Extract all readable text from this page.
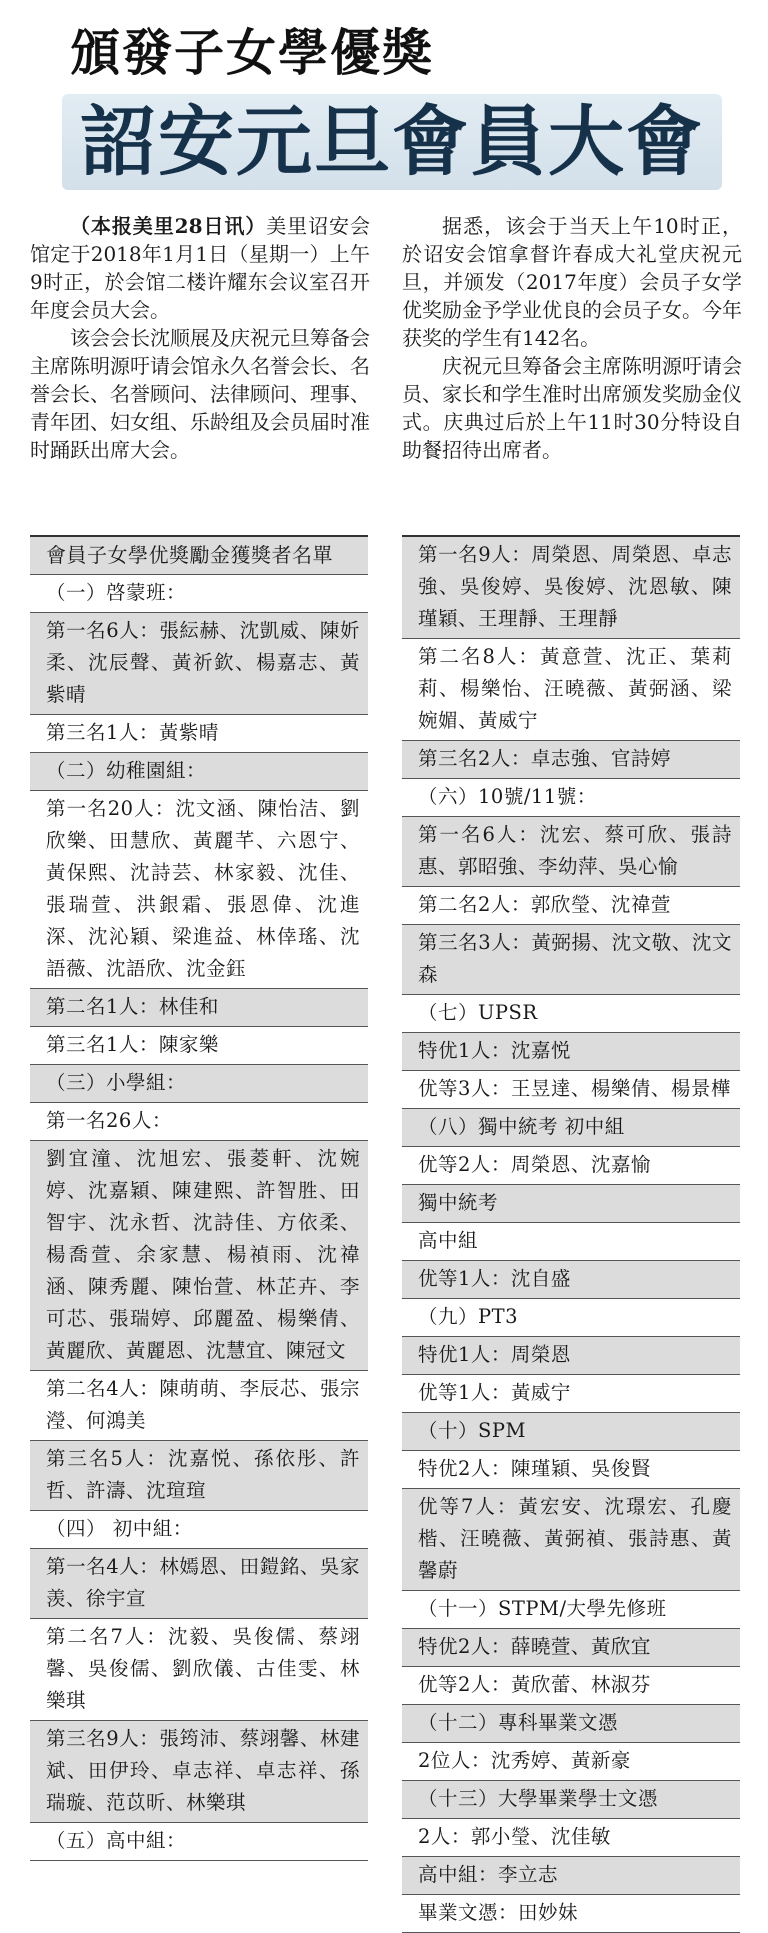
頒發子女學優獎
詔安元旦會員大會

（本报美里28日讯）美里诏安会馆定于2018年1月1日（星期一）上午9时正，於会馆二楼许耀东会议室召开年度会员大会。

该会会长沈顺展及庆祝元旦筹备会主席陈明源吁请会馆永久名誉会长、名誉会长、名誉顾问、法律顾问、理事、青年团、妇女组、乐龄组及会员届时准时踊跃出席大会。

据悉，该会于当天上午10时正，於诏安会馆拿督许春成大礼堂庆祝元旦，并颁发（2017年度）会员子女学优奖励金予学业优良的会员子女。今年获奖的学生有142名。

庆祝元旦筹备会主席陈明源吁请会员、家长和学生准时出席颁发奖励金仪式。庆典过后於上午11时30分特设自助餐招待出席者。

會員子女學优獎勵金獲獎者名單
（一）啓蒙班：
第一名6人：張紜赫、沈凱威、陳妡柔、沈辰聲、黃祈欽、楊嘉志、黃紫晴
第三名1人：黃紫晴
（二）幼稚園組：
第一名20人：沈文涵、陳怡洁、劉欣樂、田慧欣、黃麗芊、六恩宁、黃保熙、沈詩芸、林家毅、沈佳、張瑞萱、洪銀霜、張恩偉、沈進深、沈沁穎、梁進益、林倖瑤、沈語薇、沈語欣、沈金鈺
第二名1人：林佳和
第三名1人：陳家樂
（三）小學組：
第一名26人：
劉宜潼、沈旭宏、張菱軒、沈婉婷、沈嘉穎、陳建熙、許智胜、田智宇、沈永哲、沈詩佳、方依柔、楊喬萱、余家慧、楊禎雨、沈禕涵、陳秀麗、陳怡萱、林芷卉、李可芯、張瑞婷、邱麗盈、楊樂倩、黃麗欣、黃麗恩、沈慧宜、陳冠文
第二名4人：陳萌萌、李辰芯、張宗瀅、何鴻美
第三名5人：沈嘉悦、孫依彤、許哲、許濤、沈瑄瑄
（四） 初中組：
第一名4人：林嫣恩、田鎧銘、吳家羡、徐宇宣
第二名7人：沈毅、吳俊儒、蔡翊馨、吳俊儒、劉欣儀、古佳雯、林樂琪
第三名9人：張筠沛、蔡翊馨、林建斌、田伊玲、卓志祥、卓志祥、孫瑞璇、范苡昕、林樂琪
（五）高中組：
第一名9人：周榮恩、周榮恩、卓志強、吳俊婷、吳俊婷、沈恩敏、陳瑾穎、王理靜、王理靜
第二名8人：黃意萱、沈正、葉莉莉、楊樂怡、汪曉薇、黃弼涵、梁婉媚、黃威宁
第三名2人：卓志強、官詩婷
（六）10號/11號：
第一名6人：沈宏、蔡可欣、張詩惠、郭昭強、李幼萍、吳心愉
第二名2人：郭欣瑩、沈禕萱
第三名3人：黃弼揚、沈文敬、沈文森
（七）UPSR
特优1人：沈嘉悦
优等3人：王昱達、楊樂倩、楊景樺
（八）獨中統考 初中組
优等2人：周榮恩、沈嘉愉
獨中統考
高中組
优等1人：沈自盛
（九）PT3
特优1人：周榮恩
优等1人：黃威宁
（十）SPM
特优2人：陳瑾穎、吳俊賢
优等7人：黃宏安、沈璟宏、孔慶楷、汪曉薇、黃弼禎、張詩惠、黃馨蔚
（十一）STPM/大學先修班
特优2人：薛曉萱、黃欣宜
优等2人：黃欣蕾、林淑芬
（十二）專科畢業文憑
2位人：沈秀婷、黃新豪
（十三）大學畢業學士文憑
2人：郭小瑩、沈佳敏
高中組：李立志
畢業文憑：田妙妹
